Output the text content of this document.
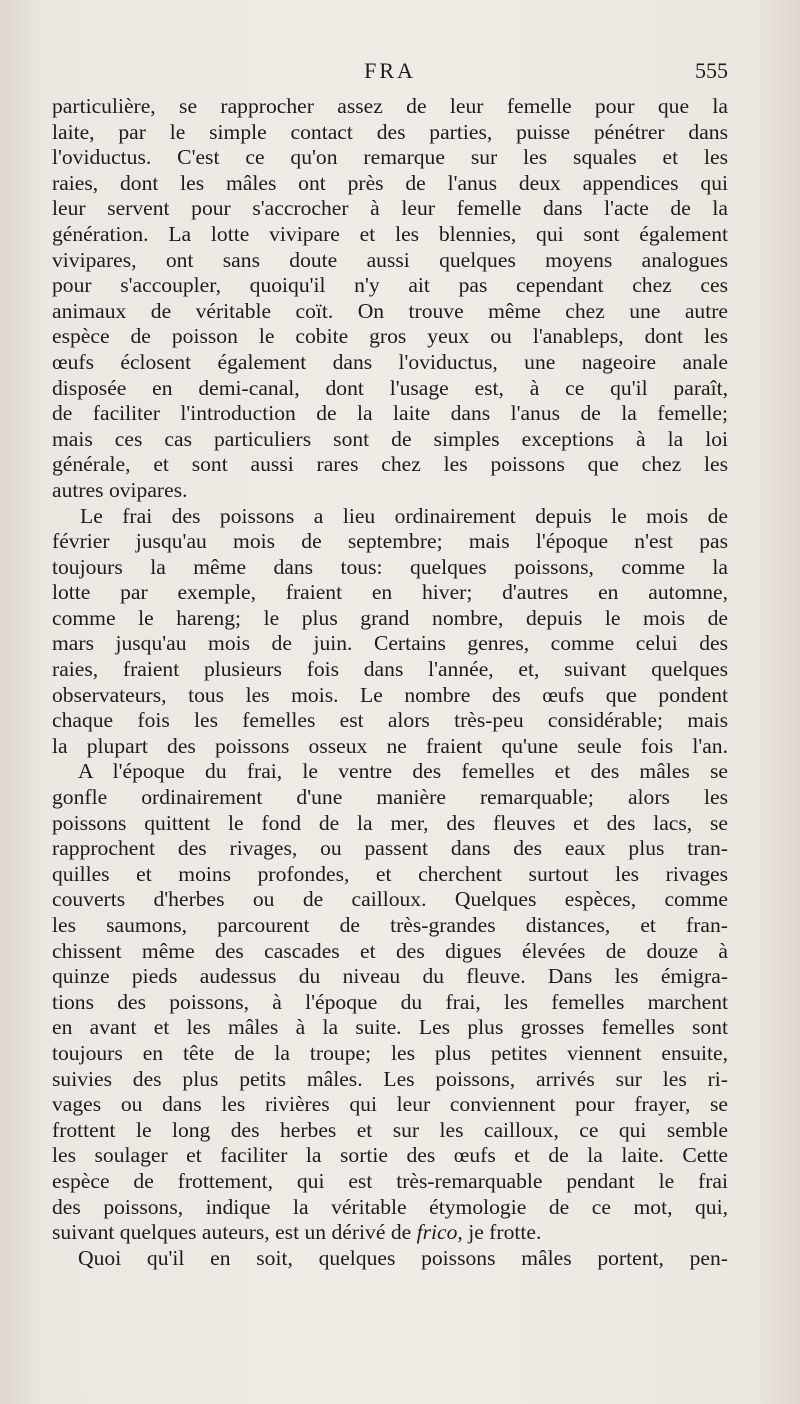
FRA	555
particulière, se rapprocher assez de leur femelle pour que la
laite, par le simple contact des parties, puisse pénétrer dans
l'oviductus. C'est ce qu'on remarque sur les squales et les
raies, dont les mâles ont près de l'anus deux appendices qui
leur servent pour s'accrocher à leur femelle dans l'acte de la
génération. La lotte vivipare et les blennies, qui sont également
vivipares, ont sans doute aussi quelques moyens analogues
pour s'accoupler, quoiqu'il n'y ait pas cependant chez ces
animaux de véritable coït. On trouve même chez une autre
espèce de poisson le cobite gros yeux ou l'anableps, dont les
œufs éclosent également dans l'oviductus, une nageoire anale
disposée en demi-canal, dont l'usage est, à ce qu'il paraît,
de faciliter l'introduction de la laite dans l'anus de la femelle;
mais ces cas particuliers sont de simples exceptions à la loi
générale, et sont aussi rares chez les poissons que chez les
autres ovipares.
Le frai des poissons a lieu ordinairement depuis le mois de
février jusqu'au mois de septembre; mais l'époque n'est pas
toujours la même dans tous: quelques poissons, comme la
lotte par exemple, fraient en hiver; d'autres en automne,
comme le hareng; le plus grand nombre, depuis le mois de
mars jusqu'au mois de juin. Certains genres, comme celui des
raies, fraient plusieurs fois dans l'année, et, suivant quelques
observateurs, tous les mois. Le nombre des œufs que pondent
chaque fois les femelles est alors très-peu considérable; mais
la plupart des poissons osseux ne fraient qu'une seule fois l'an.
A l'époque du frai, le ventre des femelles et des mâles se
gonfle ordinairement d'une manière remarquable; alors les
poissons quittent le fond de la mer, des fleuves et des lacs, se
rapprochent des rivages, ou passent dans des eaux plus tran-
quilles et moins profondes, et cherchent surtout les rivages
couverts d'herbes ou de cailloux. Quelques espèces, comme
les saumons, parcourent de très-grandes distances, et fran-
chissent même des cascades et des digues élevées de douze à
quinze pieds audessus du niveau du fleuve. Dans les émigra-
tions des poissons, à l'époque du frai, les femelles marchent
en avant et les mâles à la suite. Les plus grosses femelles sont
toujours en tête de la troupe; les plus petites viennent ensuite,
suivies des plus petits mâles. Les poissons, arrivés sur les ri-
vages ou dans les rivières qui leur conviennent pour frayer, se
frottent le long des herbes et sur les cailloux, ce qui semble
les soulager et faciliter la sortie des œufs et de la laite. Cette
espèce de frottement, qui est très-remarquable pendant le frai
des poissons, indique la véritable étymologie de ce mot, qui,
suivant quelques auteurs, est un dérivé de frico, je frotte.
Quoi qu'il en soit, quelques poissons mâles portent, pen-
